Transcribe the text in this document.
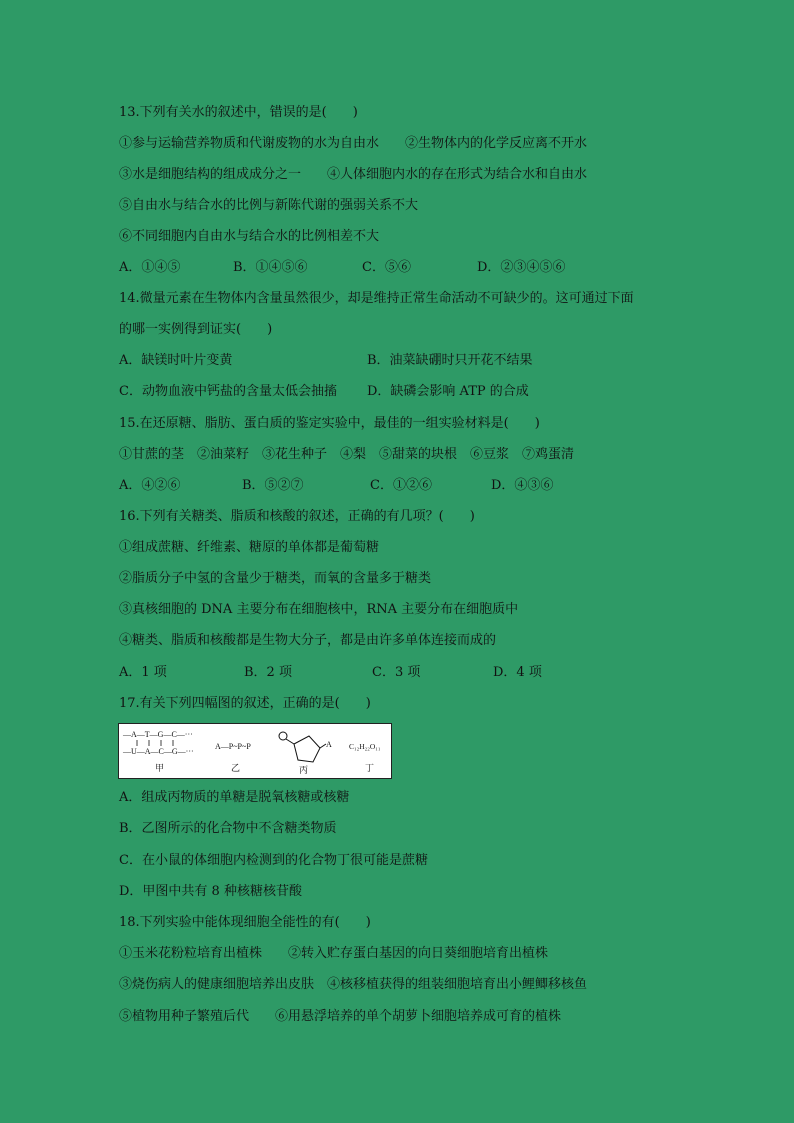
13.下列有关水的叙述中，错误的是(　　)
①参与运输营养物质和代谢废物的水为自由水　　②生物体内的化学反应离不开水
③水是细胞结构的组成成分之一　　④人体细胞内水的存在形式为结合水和自由水
⑤自由水与结合水的比例与新陈代谢的强弱关系不大
⑥不同细胞内自由水与结合水的比例相差不大
A．①④⑤	B．①④⑤⑥	C．⑤⑥	D．②③④⑤⑥
14.微量元素在生物体内含量虽然很少，却是维持正常生命活动不可缺少的。这可通过下面
的哪一实例得到证实(　　)
A．缺镁时叶片变黄	B．油菜缺硼时只开花不结果
C．动物血液中钙盐的含量太低会抽搐 D．缺磷会影响 ATP 的合成
15.在还原糖、脂肪、蛋白质的鉴定实验中，最佳的一组实验材料是(　　)
①甘蔗的茎　②油菜籽　③花生种子　④梨　⑤甜菜的块根　⑥豆浆　⑦鸡蛋清
A．④②⑥	B．⑤②⑦	C．①②⑥	D．④③⑥
16.下列有关糖类、脂质和核酸的叙述，正确的有几项？(　　)
①组成蔗糖、纤维素、糖原的单体都是葡萄糖
②脂质分子中氢的含量少于糖类，而氧的含量多于糖类
③真核细胞的 DNA 主要分布在细胞核中，RNA 主要分布在细胞质中
④糖类、脂质和核酸都是生物大分子，都是由许多单体连接而成的
A．1 项	B．2 项	C．3 项	D．4 项
17.有关下列四幅图的叙述，正确的是(　　)
—A—T—G—C—···
—U—A—C—G—···
甲
A—P~P~P
乙
A
丙
C₁₂H₂₂O₁₁
丁
A．组成丙物质的单糖是脱氧核糖或核糖
B．乙图所示的化合物中不含糖类物质
C．在小鼠的体细胞内检测到的化合物丁很可能是蔗糖
D．甲图中共有 8 种核糖核苷酸
18.下列实验中能体现细胞全能性的有(　　)
①玉米花粉粒培育出植株　　②转入贮存蛋白基因的向日葵细胞培育出植株
③烧伤病人的健康细胞培养出皮肤　④核移植获得的组装细胞培育出小鲤鲫移核鱼
⑤植物用种子繁殖后代　　⑥用悬浮培养的单个胡萝卜细胞培养成可育的植株
